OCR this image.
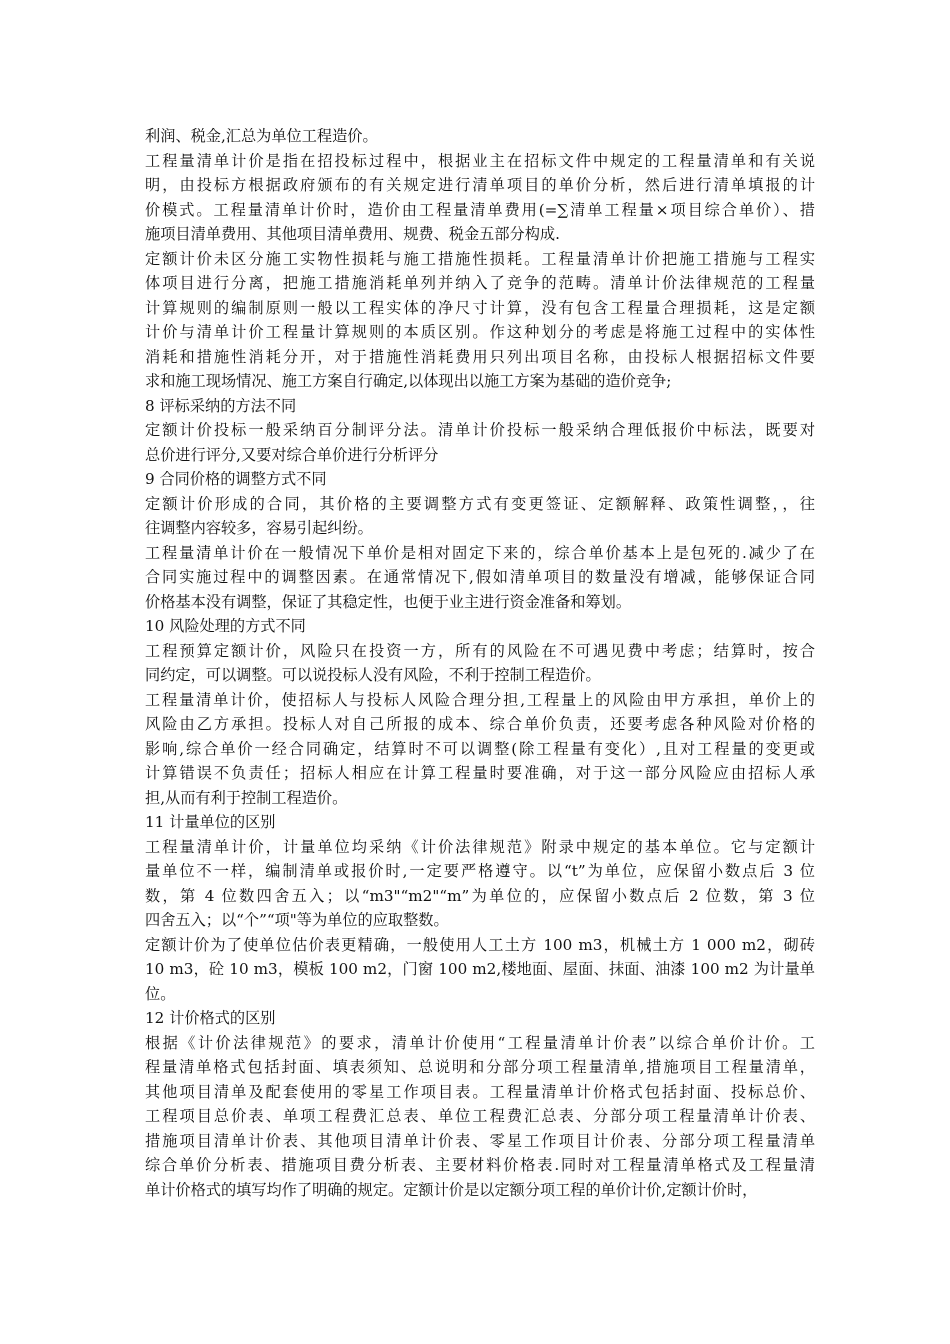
利润、税金,汇总为单位工程造价。
工程量清单计价是指在招投标过程中，根据业主在招标文件中规定的工程量清单和有关说
明，由投标方根据政府颁布的有关规定进行清单项目的单价分析，然后进行清单填报的计
价模式。工程量清单计价时，造价由工程量清单费用(=∑清单工程量×项目综合单价）、措
施项目清单费用、其他项目清单费用、规费、税金五部分构成.
定额计价未区分施工实物性损耗与施工措施性损耗。工程量清单计价把施工措施与工程实
体项目进行分离，把施工措施消耗单列并纳入了竞争的范畴。清单计价法律规范的工程量
计算规则的编制原则一般以工程实体的净尺寸计算，没有包含工程量合理损耗，这是定额
计价与清单计价工程量计算规则的本质区别。作这种划分的考虑是将施工过程中的实体性
消耗和措施性消耗分开，对于措施性消耗费用只列出项目名称，由投标人根据招标文件要
求和施工现场情况、施工方案自行确定,以体现出以施工方案为基础的造价竞争;
8 评标采纳的方法不同
定额计价投标一般采纳百分制评分法。清单计价投标一般采纳合理低报价中标法，既要对
总价进行评分,又要对综合单价进行分析评分
9 合同价格的调整方式不同
定额计价形成的合同，其价格的主要调整方式有变更签证、定额解释、政策性调整，，往
往调整内容较多，容易引起纠纷。
工程量清单计价在一般情况下单价是相对固定下来的，综合单价基本上是包死的.减少了在
合同实施过程中的调整因素。在通常情况下,假如清单项目的数量没有增减，能够保证合同
价格基本没有调整，保证了其稳定性，也便于业主进行资金准备和筹划。
10 风险处理的方式不同
工程预算定额计价，风险只在投资一方，所有的风险在不可遇见费中考虑；结算时，按合
同约定，可以调整。可以说投标人没有风险，不利于控制工程造价。
工程量清单计价，使招标人与投标人风险合理分担,工程量上的风险由甲方承担，单价上的
风险由乙方承担。投标人对自己所报的成本、综合单价负责，还要考虑各种风险对价格的
影响,综合单价一经合同确定，结算时不可以调整(除工程量有变化）,且对工程量的变更或
计算错误不负责任；招标人相应在计算工程量时要准确，对于这一部分风险应由招标人承
担,从而有利于控制工程造价。
11 计量单位的区别
工程量清单计价，计量单位均采纳《计价法律规范》附录中规定的基本单位。它与定额计
量单位不一样，编制清单或报价时,一定要严格遵守。以“t”为单位，应保留小数点后 3 位
数，第 4 位数四舍五入；以“m3"“m2"“m”为单位的，应保留小数点后 2 位数，第 3 位
四舍五入；以“个”“项"等为单位的应取整数。
定额计价为了使单位估价表更精确，一般使用人工土方 100 m3，机械土方 1 000 m2，砌砖
10 m3，砼 10 m3，模板 100 m2，门窗 100 m2,楼地面、屋面、抹面、油漆 100 m2 为计量单
位。
12 计价格式的区别
根据《计价法律规范》的要求，清单计价使用“工程量清单计价表”以综合单价计价。工
程量清单格式包括封面、填表须知、总说明和分部分项工程量清单,措施项目工程量清单，
其他项目清单及配套使用的零星工作项目表。工程量清单计价格式包括封面、投标总价、
工程项目总价表、单项工程费汇总表、单位工程费汇总表、分部分项工程量清单计价表、
措施项目清单计价表、其他项目清单计价表、零星工作项目计价表、分部分项工程量清单
综合单价分析表、措施项目费分析表、主要材料价格表.同时对工程量清单格式及工程量清
单计价格式的填写均作了明确的规定。定额计价是以定额分项工程的单价计价,定额计价时，
